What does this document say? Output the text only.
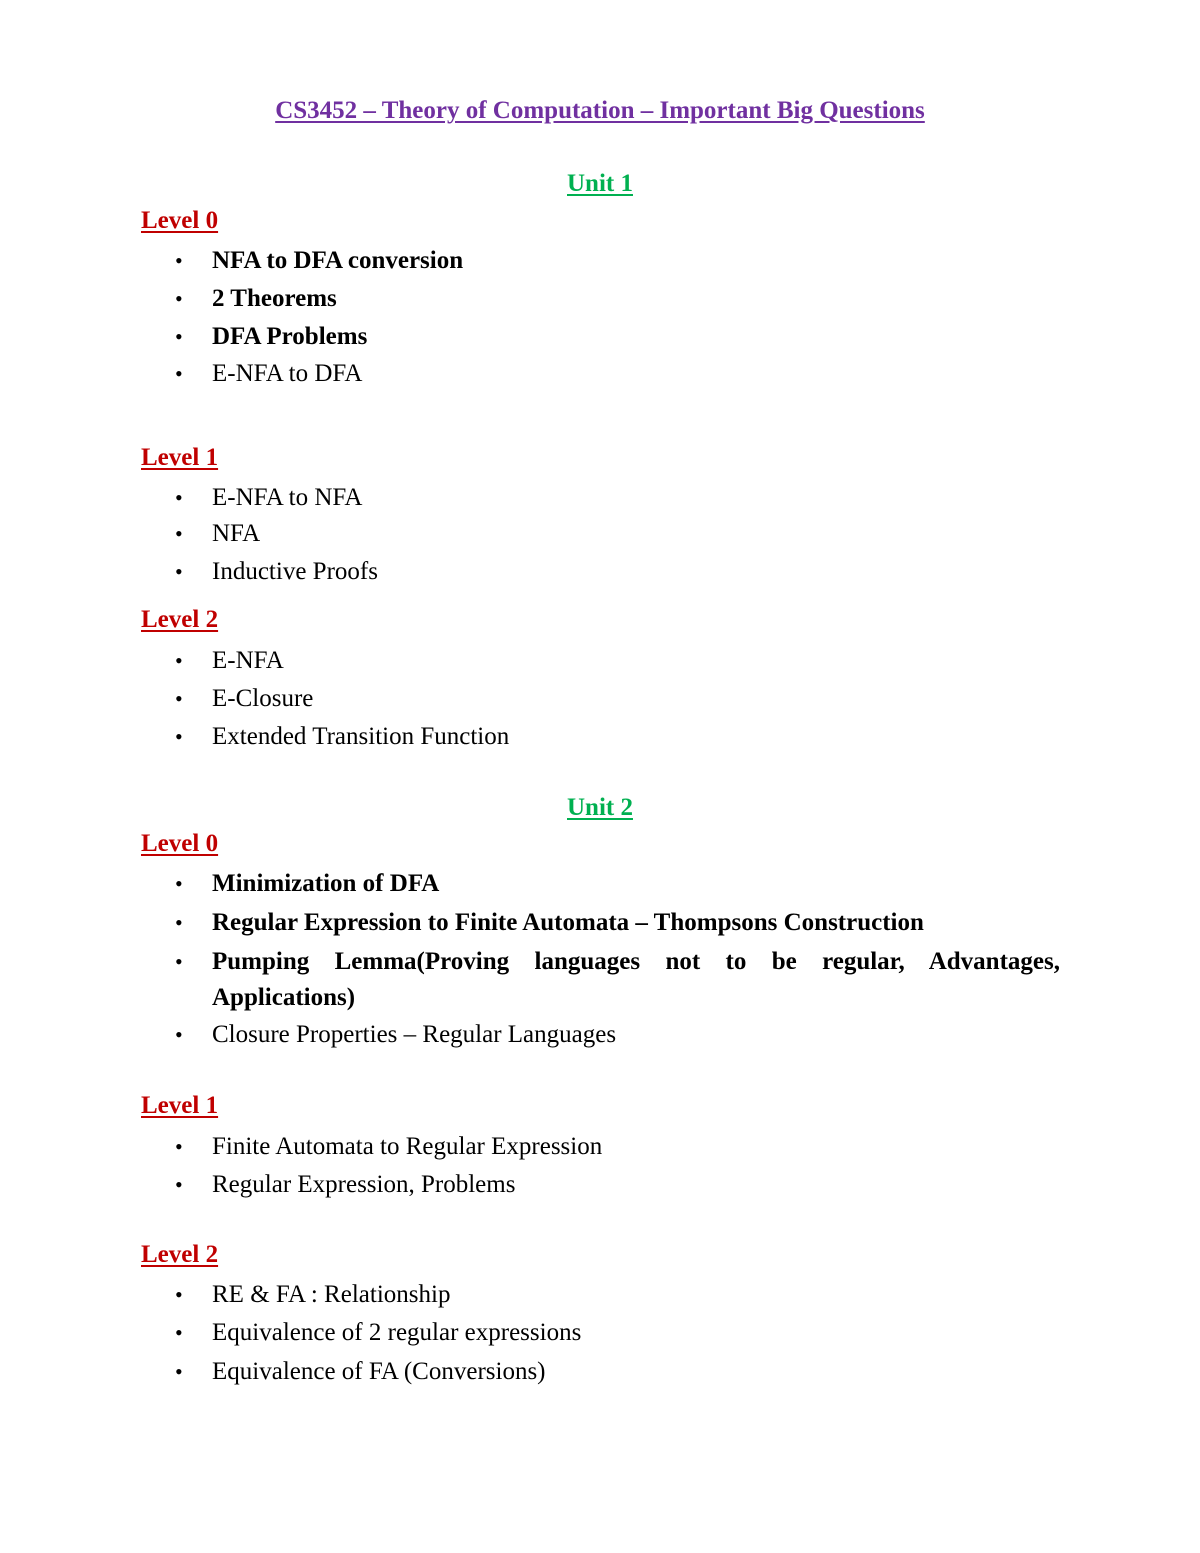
CS3452 – Theory of Computation – Important Big Questions
Unit 1
Level 0
•	NFA to DFA conversion
•	2 Theorems
•	DFA Problems
•	E-NFA to DFA
Level 1
•	E-NFA to NFA
•	NFA
•	Inductive Proofs
Level 2
•	E-NFA
•	E-Closure
•	Extended Transition Function
Unit 2
Level 0
•	Minimization of DFA
•	Regular Expression to Finite Automata – Thompsons Construction
•	Pumping Lemma(Proving languages not to be regular, Advantages, Applications)
•	Closure Properties – Regular Languages
Level 1
•	Finite Automata to Regular Expression
•	Regular Expression, Problems
Level 2
•	RE & FA : Relationship
•	Equivalence of 2 regular expressions
•	Equivalence of FA (Conversions)
